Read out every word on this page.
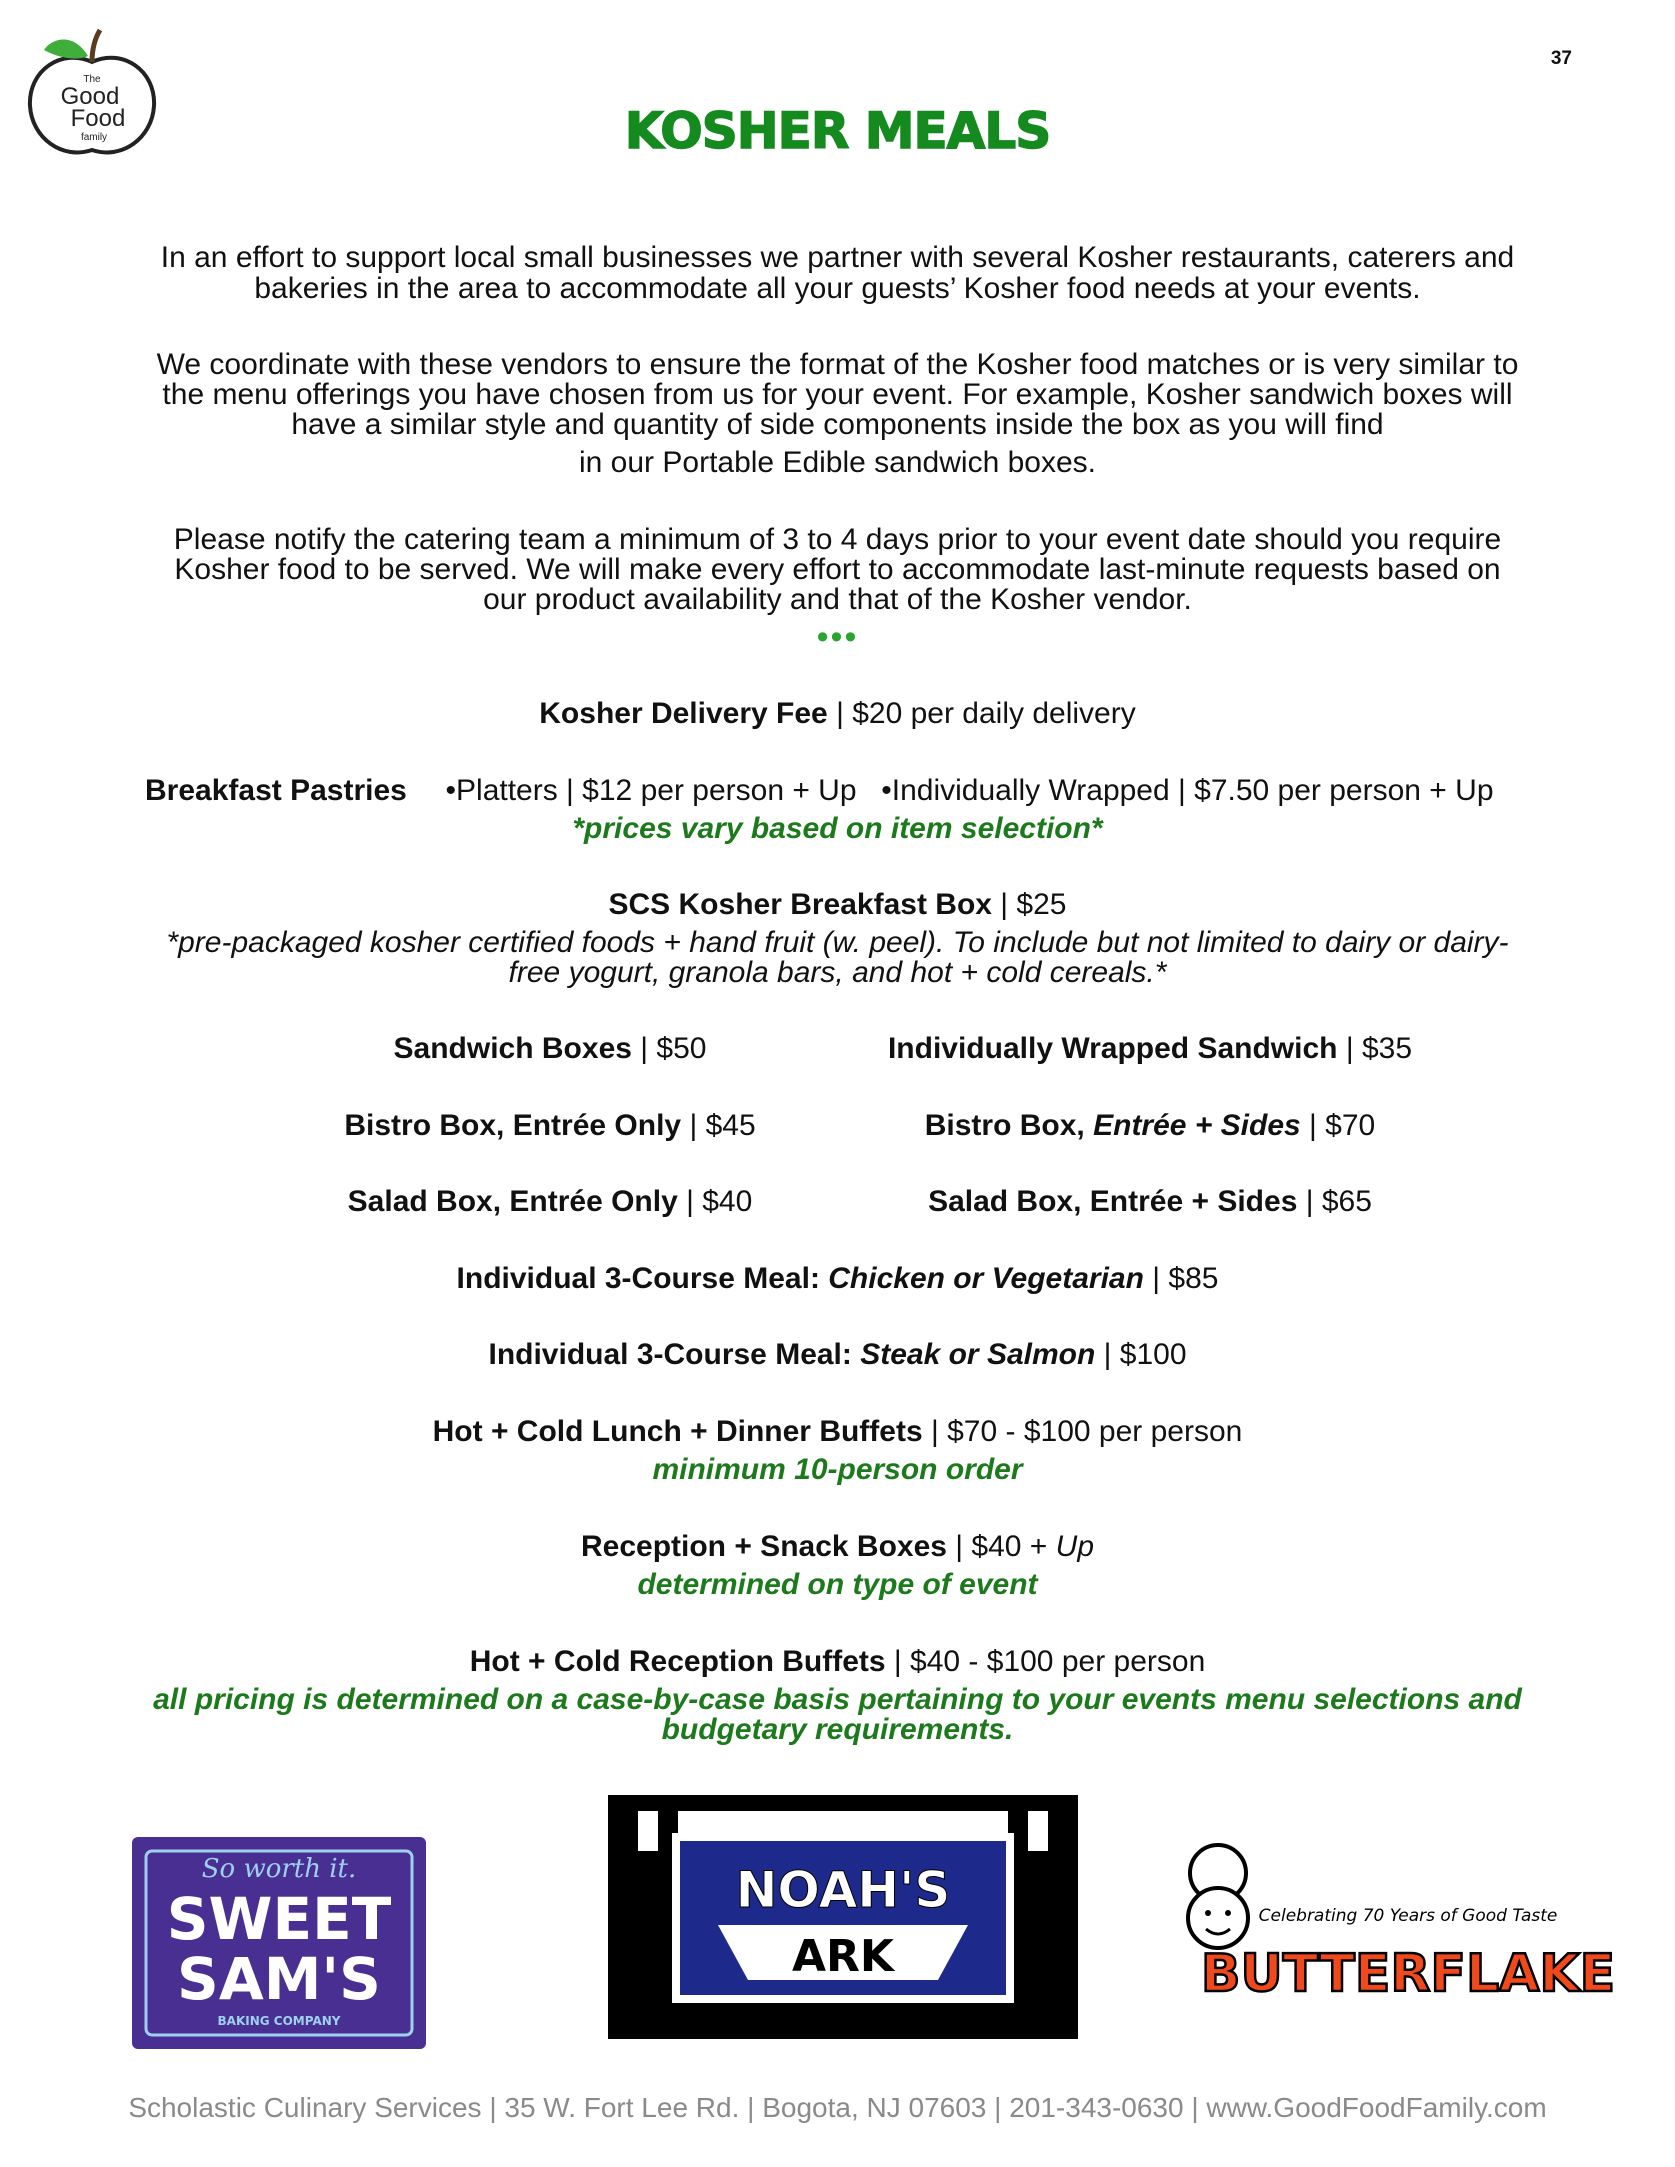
The
Good
Food
family
37
KOSHER MEALS
In an effort to support local small businesses we partner with several Kosher restaurants, caterers and
bakeries in the area to accommodate all your guests’ Kosher food needs at your events.
We coordinate with these vendors to ensure the format of the Kosher food matches or is very similar to
the menu offerings you have chosen from us for your event. For example, Kosher sandwich boxes will
have a similar style and quantity of side components inside the box as you will find
in our Portable Edible sandwich boxes.
Please notify the catering team a minimum of 3 to 4 days prior to your event date should you require
Kosher food to be served. We will make every effort to accommodate last-minute requests based on
our product availability and that of the Kosher vendor.
•••
Kosher Delivery Fee | $20 per daily delivery
Breakfast Pastries •Platters | $12 per person + Up •Individually Wrapped | $7.50 per person + Up
*prices vary based on item selection*
SCS Kosher Breakfast Box | $25
*pre-packaged kosher certified foods + hand fruit (w. peel). To include but not limited to dairy or dairy-
free yogurt, granola bars, and hot + cold cereals.*
Sandwich Boxes | $50	Individually Wrapped Sandwich | $35
Bistro Box, Entrée Only | $45	Bistro Box, Entrée + Sides | $70
Salad Box, Entrée Only | $40	Salad Box, Entrée + Sides | $65
Individual 3-Course Meal: Chicken or Vegetarian | $85
Individual 3-Course Meal: Steak or Salmon | $100
Hot + Cold Lunch + Dinner Buffets | $70 - $100 per person
minimum 10-person order
Reception + Snack Boxes | $40 + Up
determined on type of event
Hot + Cold Reception Buffets | $40 - $100 per person
all pricing is determined on a case-by-case basis pertaining to your events menu selections and
budgetary requirements.
So worth it.
SWEET
SAM'S
BAKING COMPANY
NOAH'S
ARK
Celebrating 70 Years of Good Taste
BUTTERFLAKE
Scholastic Culinary Services | 35 W. Fort Lee Rd. | Bogota, NJ 07603 | 201-343-0630 | www.GoodFoodFamily.com
